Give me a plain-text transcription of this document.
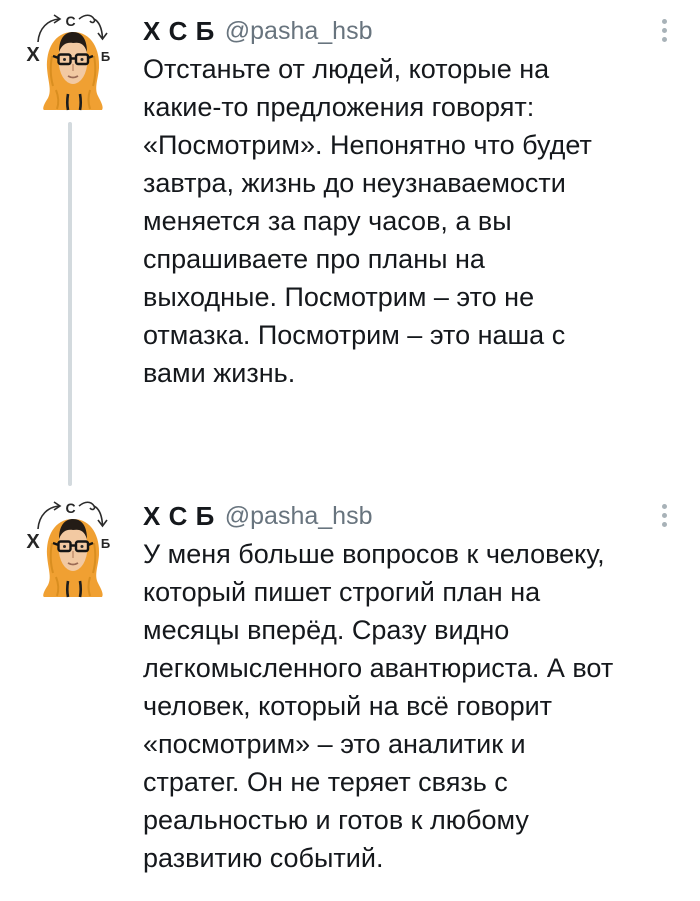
Х
С
Б
Х С Б @pasha_hsb
Отстаньте от людей, которые на
какие-то предложения говорят:
«Посмотрим». Непонятно что будет
завтра, жизнь до неузнаваемости
меняется за пару часов, а вы
спрашиваете про планы на
выходные. Посмотрим – это не
отмазка. Посмотрим – это наша с
вами жизнь.
Х
С
Б
Х С Б @pasha_hsb
У меня больше вопросов к человеку,
который пишет строгий план на
месяцы вперёд. Сразу видно
легкомысленного авантюриста. А вот
человек, который на всё говорит
«посмотрим» – это аналитик и
стратег. Он не теряет связь с
реальностью и готов к любому
развитию событий.
